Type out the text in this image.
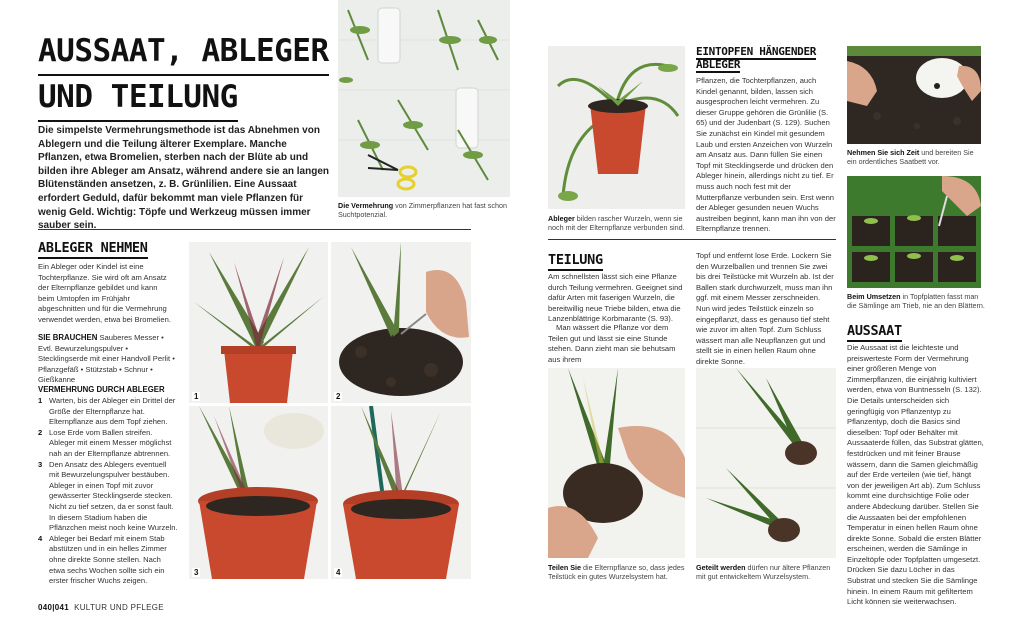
AUSSAAT, ABLEGER
UND TEILUNG
Die simpelste Vermehrungsmethode ist das Abnehmen von Ablegern und die Teilung älterer Exemplare. Manche Pflanzen, etwa Bromelien, sterben nach der Blüte ab und bilden ihre Ableger am Ansatz, während andere sie an langen Blütenständen ansetzen, z. B. Grünlilien. Eine Aussaat erfordert Geduld, dafür bekommt man viele Pflanzen für wenig Geld. Wichtig: Töpfe und Werkzeug müssen immer sauber sein.
Die Vermehrung von Zimmerpflanzen hat fast schon Suchtpotenzial.
ABLEGER NEHMEN
Ein Ableger oder Kindel ist eine Tochterpflanze. Sie wird oft am Ansatz der Elternpflanze gebildet und kann beim Umtopfen im Frühjahr abgeschnitten und für die Vermehrung verwendet werden, etwa bei Bromelien.
SIE BRAUCHEN Sauberes Messer • Evtl. Bewurzelungspulver • Stecklingserde mit einer Handvoll Perlit • Pflanzgefäß • Stützstab • Schnur • Gießkanne
VERMEHRUNG DURCH ABLEGER
1 Warten, bis der Ableger ein Drittel der Größe der Elternpflanze hat. Elternpflanze aus dem Topf ziehen.
2 Lose Erde vom Ballen streifen. Ableger mit einem Messer möglichst nah an der Elternpflanze abtrennen.
3 Den Ansatz des Ablegers eventuell mit Bewurzelungspulver bestäuben. Ableger in einen Topf mit zuvor gewässerter Stecklingserde stecken. Nicht zu tief setzen, da er sonst fault. In diesem Stadium haben die Pflänzchen meist noch keine Wurzeln.
4 Ableger bei Bedarf mit einem Stab abstützen und in ein helles Zimmer ohne direkte Sonne stellen. Nach etwa sechs Wochen sollte sich ein erster frischer Wuchs zeigen.
1	2
3	4
040|041 KULTUR UND PFLEGE
Ableger bilden rascher Wurzeln, wenn sie noch mit der Elternpflanze verbunden sind.
EINTOPFEN HÄNGENDER
ABLEGER
Pflanzen, die Tochterpflanzen, auch Kindel genannt, bilden, lassen sich ausgesprochen leicht vermehren. Zu dieser Gruppe gehören die Grünlilie (S. 65) und der Judenbart (S. 129). Suchen Sie zunächst ein Kindel mit gesundem Laub und ersten Anzeichen von Wurzeln am Ansatz aus. Dann füllen Sie einen Topf mit Stecklingserde und drücken den Ableger hinein, allerdings nicht zu tief. Er muss auch noch fest mit der Mutterpflanze verbunden sein. Erst wenn der Ableger gesunden neuen Wuchs austreiben beginnt, kann man ihn von der Elternpflanze trennen.
TEILUNG
Am schnellsten lässt sich eine Pflanze durch Teilung vermehren. Geeignet sind dafür Arten mit faserigen Wurzeln, die bereitwillig neue Triebe bilden, etwa die Lanzenblättrige Korbmarante (S. 93).
Man wässert die Pflanze vor dem Teilen gut und lässt sie eine Stunde stehen. Dann zieht man sie behutsam aus ihrem
Topf und entfernt lose Erde. Lockern Sie den Wurzelballen und trennen Sie zwei bis drei Teilstücke mit Wurzeln ab. Ist der Ballen stark durchwurzelt, muss man ihn ggf. mit einem Messer zerschneiden. Nun wird jedes Teilstück einzeln so eingepflanzt, dass es genauso tief steht wie zuvor im alten Topf. Zum Schluss wässert man alle Neupflanzen gut und stellt sie in einen hellen Raum ohne direkte Sonne.
Teilen Sie die Elternpflanze so, dass jedes Teilstück ein gutes Wurzelsystem hat.
Geteilt werden dürfen nur ältere Pflanzen mit gut entwickeltem Wurzelsystem.
Nehmen Sie sich Zeit und bereiten Sie ein ordentliches Saatbett vor.
Beim Umsetzen in Topfplatten fasst man die Sämlinge am Trieb, nie an den Blättern.
AUSSAAT
Die Aussaat ist die leichteste und preiswerteste Form der Vermehrung einer größeren Menge von Zimmerpflanzen, die einjährig kultiviert werden, etwa von Buntnesseln (S. 132). Die Details unterscheiden sich geringfügig von Pflanzentyp zu Pflanzentyp, doch die Basics sind dieselben: Topf oder Behälter mit Aussaaterde füllen, das Substrat glätten, festdrücken und mit feiner Brause wässern, dann die Samen gleichmäßig auf der Erde verteilen (wie tief, hängt von der jeweiligen Art ab). Zum Schluss kommt eine durchsichtige Folie oder andere Abdeckung darüber. Stellen Sie die Aussaaten bei der empfohlenen Temperatur in einen hellen Raum ohne direkte Sonne. Sobald die ersten Blätter erscheinen, werden die Sämlinge in Einzeltöpfe oder Topfplatten umgesetzt. Drücken Sie dazu Löcher in das Substrat und stecken Sie die Sämlinge hinein. In einem Raum mit gefiltertem Licht können sie weiterwachsen.
